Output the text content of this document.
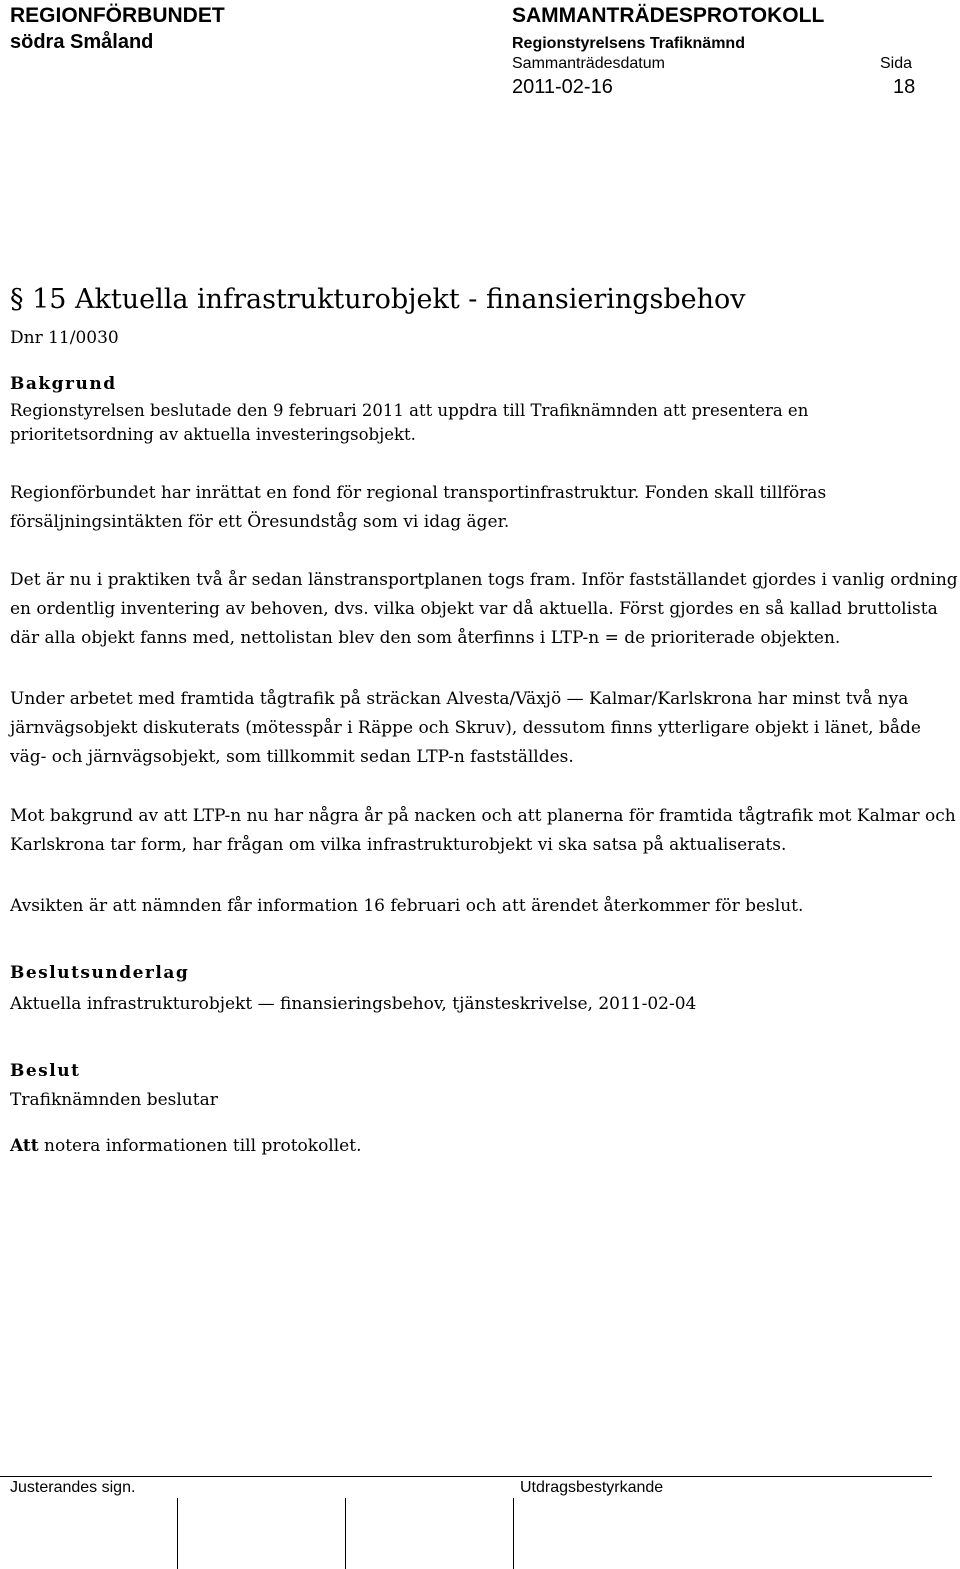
REGIONFÖRBUNDET
södra Småland
SAMMANTRÄDESPROTOKOLL
Regionstyrelsens Trafiknämnd
Sammanträdesdatum	Sida
2011-02-16	18
§ 15 Aktuella infrastrukturobjekt - finansieringsbehov
Dnr 11/0030
Bakgrund
Regionstyrelsen beslutade den 9 februari 2011 att uppdra till Trafiknämnden att presentera en
prioritetsordning av aktuella investeringsobjekt.
Regionförbundet har inrättat en fond för regional transportinfrastruktur. Fonden skall tillföras
försäljningsintäkten för ett Öresundståg som vi idag äger.
Det är nu i praktiken två år sedan länstransportplanen togs fram. Inför fastställandet gjordes i vanlig ordning
en ordentlig inventering av behoven, dvs. vilka objekt var då aktuella. Först gjordes en så kallad bruttolista
där alla objekt fanns med, nettolistan blev den som återfinns i LTP-n = de prioriterade objekten.
Under arbetet med framtida tågtrafik på sträckan Alvesta/Växjö — Kalmar/Karlskrona har minst två nya
järnvägsobjekt diskuterats (mötesspår i Räppe och Skruv), dessutom finns ytterligare objekt i länet, både
väg- och järnvägsobjekt, som tillkommit sedan LTP-n fastställdes.
Mot bakgrund av att LTP-n nu har några år på nacken och att planerna för framtida tågtrafik mot Kalmar och
Karlskrona tar form, har frågan om vilka infrastrukturobjekt vi ska satsa på aktualiserats.
Avsikten är att nämnden får information 16 februari och att ärendet återkommer för beslut.
Beslutsunderlag
Aktuella infrastrukturobjekt — finansieringsbehov, tjänsteskrivelse, 2011-02-04
Beslut
Trafiknämnden beslutar
Att notera informationen till protokollet.
Justerandes sign.	Utdragsbestyrkande
